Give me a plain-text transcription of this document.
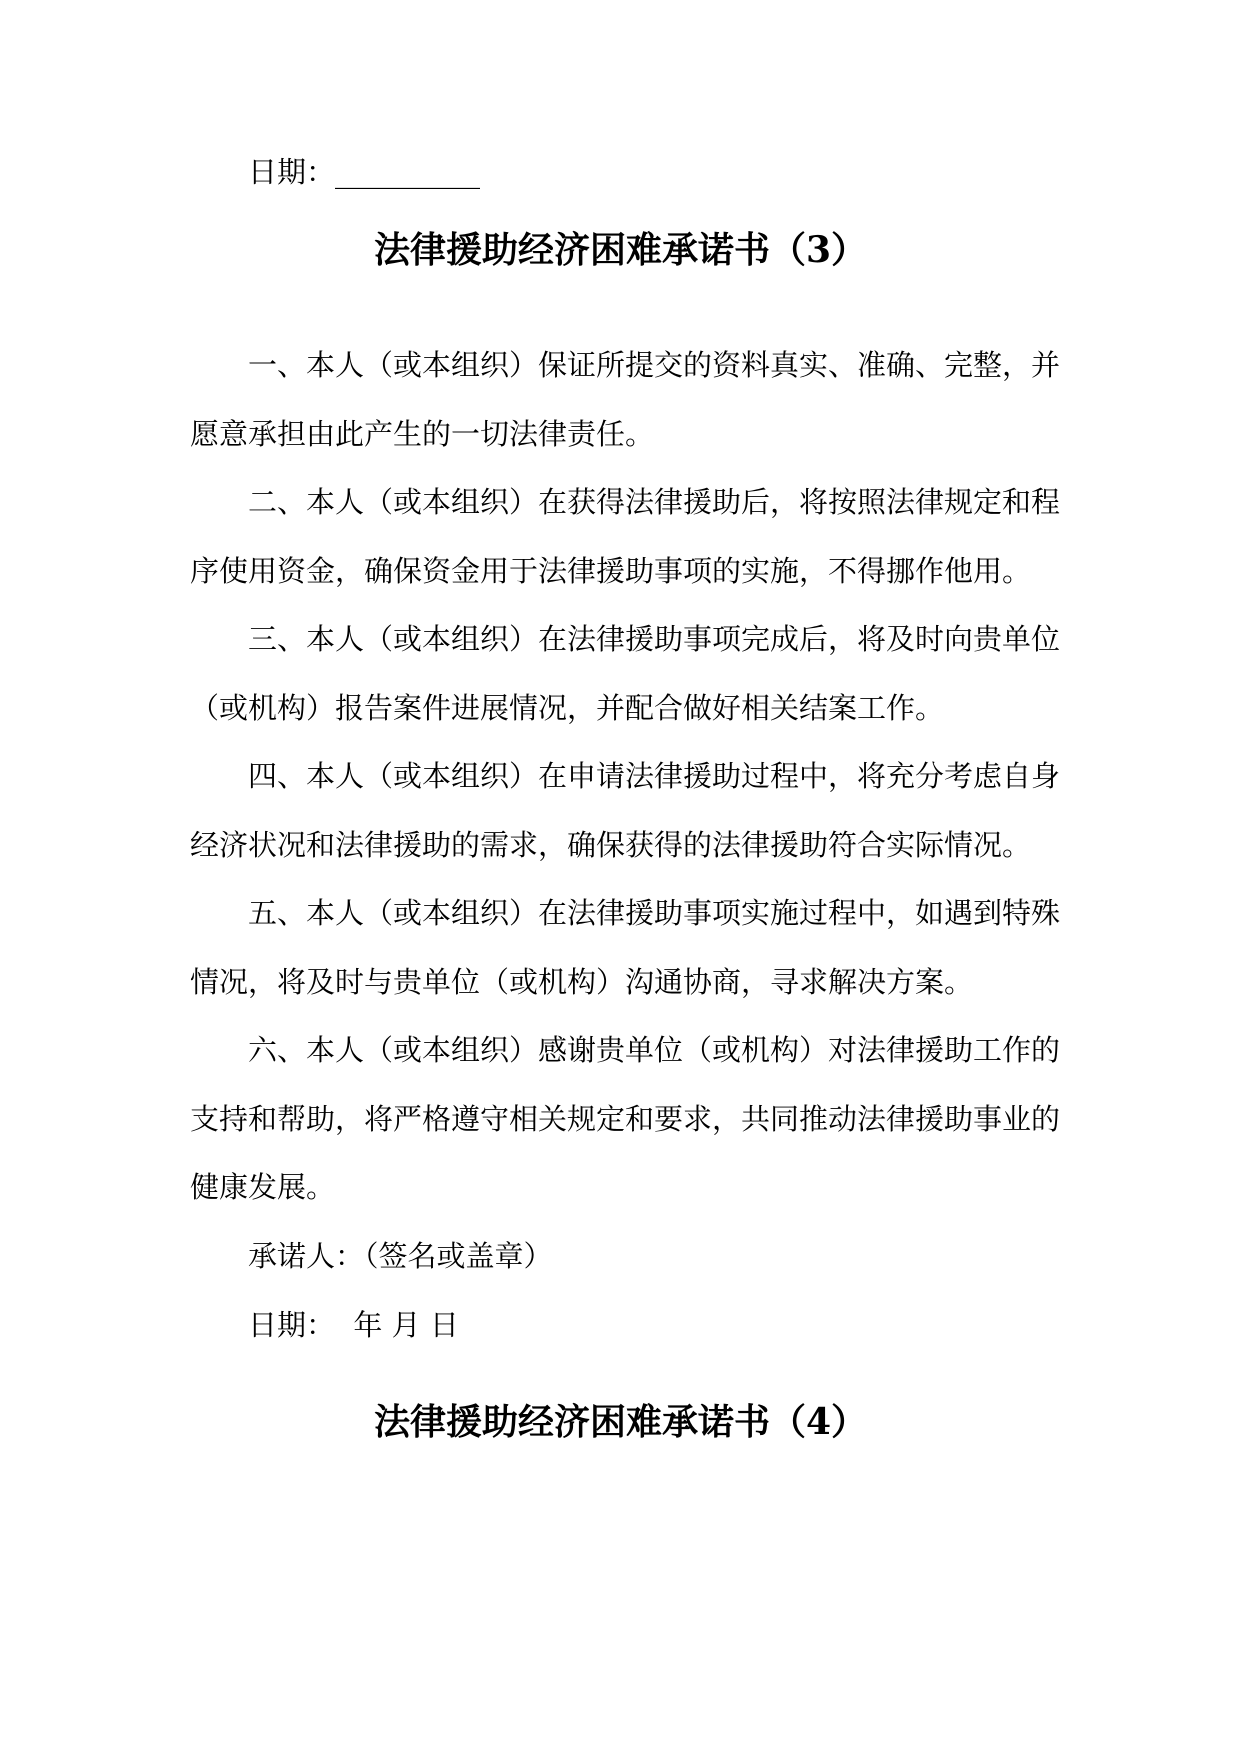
日期：__________
法律援助经济困难承诺书（3）
一、本人（或本组织）保证所提交的资料真实、准确、完整，并
愿意承担由此产生的一切法律责任。
二、本人（或本组织）在获得法律援助后，将按照法律规定和程
序使用资金，确保资金用于法律援助事项的实施，不得挪作他用。
三、本人（或本组织）在法律援助事项完成后，将及时向贵单位
（或机构）报告案件进展情况，并配合做好相关结案工作。
四、本人（或本组织）在申请法律援助过程中，将充分考虑自身
经济状况和法律援助的需求，确保获得的法律援助符合实际情况。
五、本人（或本组织）在法律援助事项实施过程中，如遇到特殊
情况，将及时与贵单位（或机构）沟通协商，寻求解决方案。
六、本人（或本组织）感谢贵单位（或机构）对法律援助工作的
支持和帮助，将严格遵守相关规定和要求，共同推动法律援助事业的
健康发展。
承诺人：（签名或盖章）
日期：  年 月 日
法律援助经济困难承诺书（4）
